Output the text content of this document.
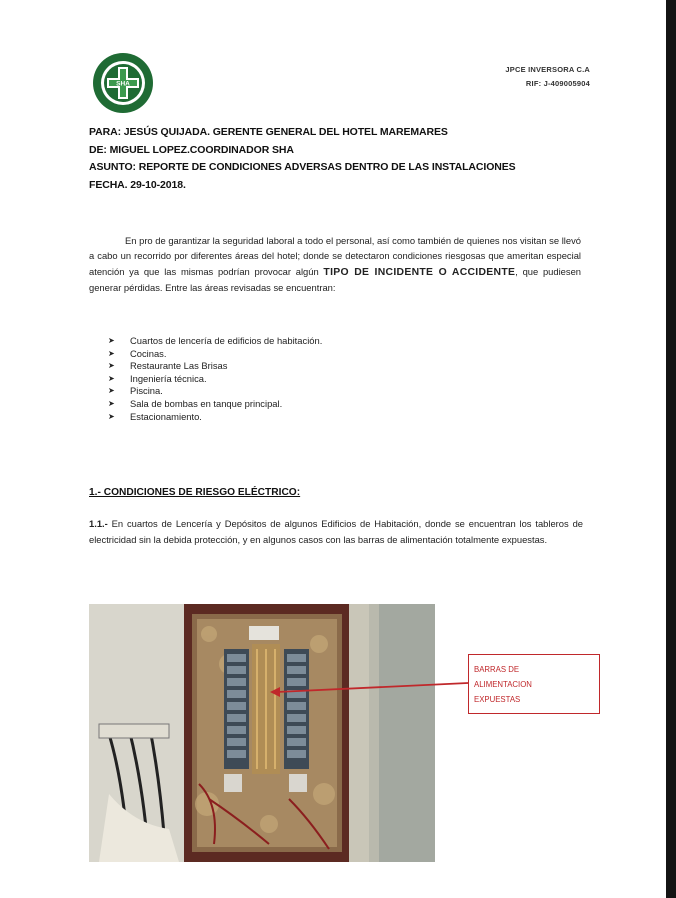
SHA
JPCE INVERSORA C.A
RIF: J-409005904
PARA: JESÚS QUIJADA. GERENTE GENERAL DEL HOTEL MAREMARES
DE: MIGUEL LOPEZ.COORDINADOR SHA
ASUNTO: REPORTE DE CONDICIONES ADVERSAS DENTRO DE LAS INSTALACIONES
FECHA. 29-10-2018.
En pro de garantizar la seguridad laboral a todo el personal, así como también de quienes nos visitan se llevó a cabo un recorrido por diferentes áreas del hotel; donde se detectaron condiciones riesgosas que ameritan especial atención ya que las mismas podrían provocar algún TIPO DE INCIDENTE O ACCIDENTE, que pudiesen generar pérdidas. Entre las áreas revisadas se encuentran:
➤	Cuartos de lencería de edificios de habitación.
➤	Cocinas.
➤	Restaurante Las Brisas
➤	Ingeniería técnica.
➤	Piscina.
➤	Sala de bombas en tanque principal.
➤	Estacionamiento.
1.- CONDICIONES DE RIESGO ELÉCTRICO:
1.1.- En cuartos de Lencería y Depósitos de algunos Edificios de Habitación, donde se encuentran los tableros de electricidad sin la debida protección, y en algunos casos con las barras de alimentación totalmente expuestas.
BARRAS DE
ALIMENTACION
EXPUESTAS
